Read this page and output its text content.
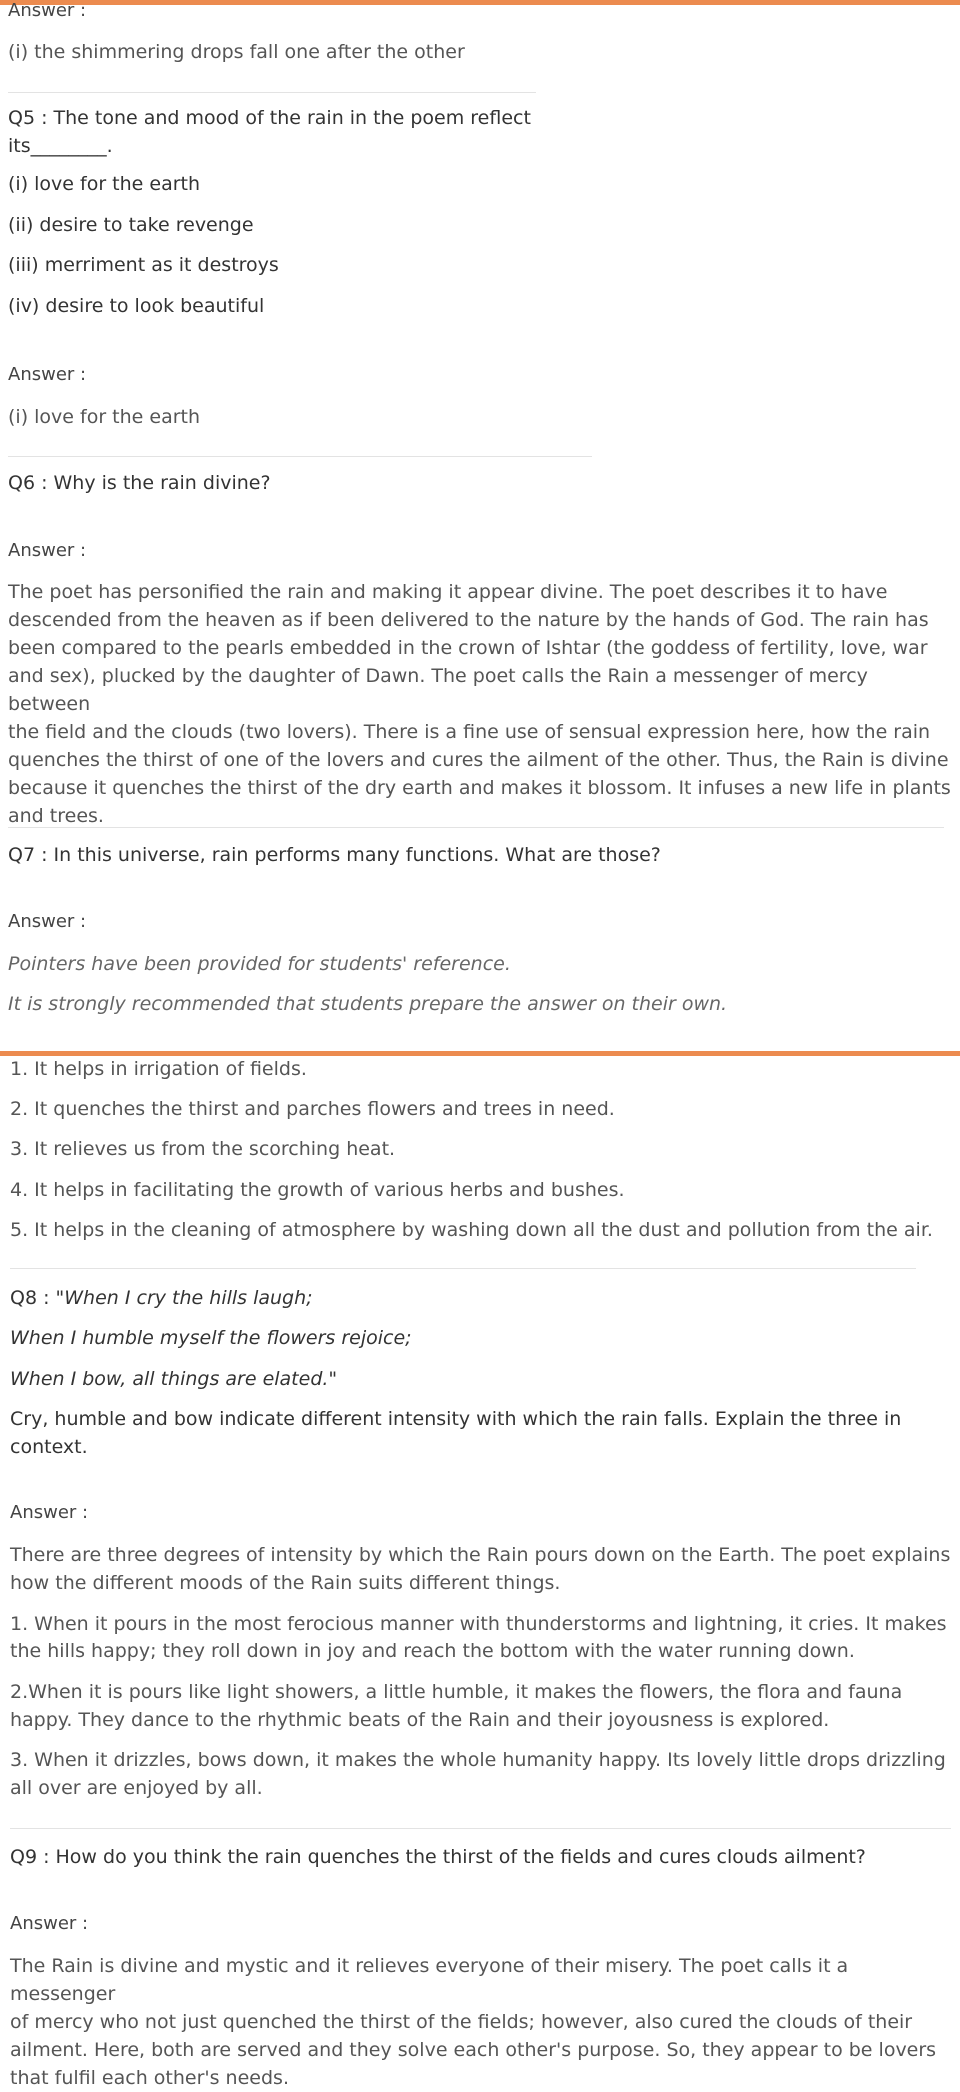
Answer :
(i) the shimmering drops fall one after the other
Q5 : The tone and mood of the rain in the poem reflect
its________.
(i) love for the earth
(ii) desire to take revenge
(iii) merriment as it destroys
(iv) desire to look beautiful
Answer :
(i) love for the earth
Q6 : Why is the rain divine?
Answer :
The poet has personified the rain and making it appear divine. The poet describes it to have
descended from the heaven as if been delivered to the nature by the hands of God. The rain has
been compared to the pearls embedded in the crown of Ishtar (the goddess of fertility, love, war
and sex), plucked by the daughter of Dawn. The poet calls the Rain a messenger of mercy between
the field and the clouds (two lovers). There is a fine use of sensual expression here, how the rain
quenches the thirst of one of the lovers and cures the ailment of the other. Thus, the Rain is divine
because it quenches the thirst of the dry earth and makes it blossom. It infuses a new life in plants
and trees.
Q7 : In this universe, rain performs many functions. What are those?
Answer :
Pointers have been provided for students' reference.
It is strongly recommended that students prepare the answer on their own.
1. It helps in irrigation of fields.
2. It quenches the thirst and parches flowers and trees in need.
3. It relieves us from the scorching heat.
4. It helps in facilitating the growth of various herbs and bushes.
5. It helps in the cleaning of atmosphere by washing down all the dust and pollution from the air.
Q8 : "When I cry the hills laugh;
When I humble myself the flowers rejoice;
When I bow, all things are elated."
Cry, humble and bow indicate different intensity with which the rain falls. Explain the three in
context.
Answer :
There are three degrees of intensity by which the Rain pours down on the Earth. The poet explains
how the different moods of the Rain suits different things.
1. When it pours in the most ferocious manner with thunderstorms and lightning, it cries. It makes
the hills happy; they roll down in joy and reach the bottom with the water running down.
2.When it is pours like light showers, a little humble, it makes the flowers, the flora and fauna
happy. They dance to the rhythmic beats of the Rain and their joyousness is explored.
3. When it drizzles, bows down, it makes the whole humanity happy. Its lovely little drops drizzling
all over are enjoyed by all.
Q9 : How do you think the rain quenches the thirst of the fields and cures clouds ailment?
Answer :
The Rain is divine and mystic and it relieves everyone of their misery. The poet calls it a messenger
of mercy who not just quenched the thirst of the fields; however, also cured the clouds of their
ailment. Here, both are served and they solve each other's purpose. So, they appear to be lovers
that fulfil each other's needs.
